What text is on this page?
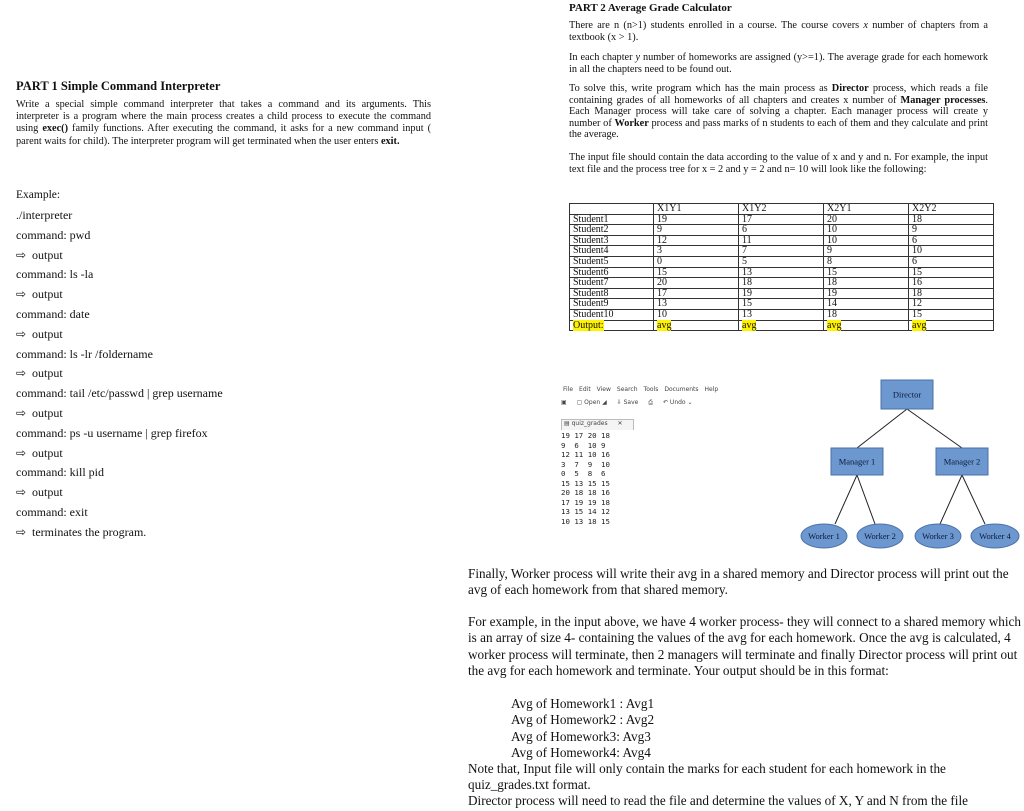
PART 1 Simple Command Interpreter
Write a special simple command interpreter that takes a command and its arguments. This interpreter is a program where the main process creates a child process to execute the command using exec() family functions. After executing the command, it asks for a new command input ( parent waits for child). The interpreter program will get terminated when the user enters exit.
Example:
./interpreter
command: pwd
⇨ output
command: ls -la
⇨ output
command: date
⇨ output
command: ls -lr /foldername
⇨ output
command: tail /etc/passwd | grep username
⇨ output
command: ps -u username | grep firefox
⇨ output
command: kill pid
⇨ output
command: exit
⇨ terminates the program.
PART 2 Average Grade Calculator
There are n (n>1) students enrolled in a course. The course covers x number of chapters from a textbook (x > 1).
In each chapter y number of homeworks are assigned (y>=1). The average grade for each homework in all the chapters need to be found out.
To solve this, write program which has the main process as Director process, which reads a file containing grades of all homeworks of all chapters and creates x number of Manager processes. Each Manager process will take care of solving a chapter. Each manager process will create y number of Worker process and pass marks of n students to each of them and they calculate and print the average.
The input file should contain the data according to the value of x and y and n. For example, the input text file and the process tree for x = 2 and y = 2 and n= 10 will look like the following:
	X1Y1	X1Y2	X2Y1	X2Y2
Student1	19	17	20	18
Student2	9	6	10	9
Student3	12	11	10	6
Student4	3	7	9	10
Student5	0	5	8	6
Student6	15	13	15	15
Student7	20	18	18	16
Student8	17	19	19	18
Student9	13	15	14	12
Student10	10	13	18	15
Output:	avg	avg	avg	avg
File Edit View Search Tools Documents Help
▣ ▢ Open ◢ ⇩ Save ⎙ ↶ Undo ⌄
▤ quiz_grades ✕
19 17 20 18
9  6  10 9
12 11 10 16
3  7  9  10
0  5  8  6
15 13 15 15
20 18 18 16
17 19 19 18
13 15 14 12
10 13 18 15
Director
Manager 1	Manager 2
Worker 1	Worker 2	Worker 3	Worker 4
Finally, Worker process will write their avg in a shared memory and Director process will print out the avg of each homework from that shared memory.
For example, in the input above, we have 4 worker process- they will connect to a shared memory which is an array of size 4- containing the values of the avg for each homework. Once the avg is calculated, 4 worker process will terminate, then 2 managers will terminate and finally Director process will print out the avg for each homework and terminate. Your output should be in this format:
Avg of Homework1 : Avg1
Avg of Homework2 : Avg2
Avg of Homework3: Avg3
Avg of Homework4: Avg4
Note that, Input file will only contain the marks for each student for each homework in the quiz_grades.txt format.
Director process will need to read the file and determine the values of X, Y and N from the file
